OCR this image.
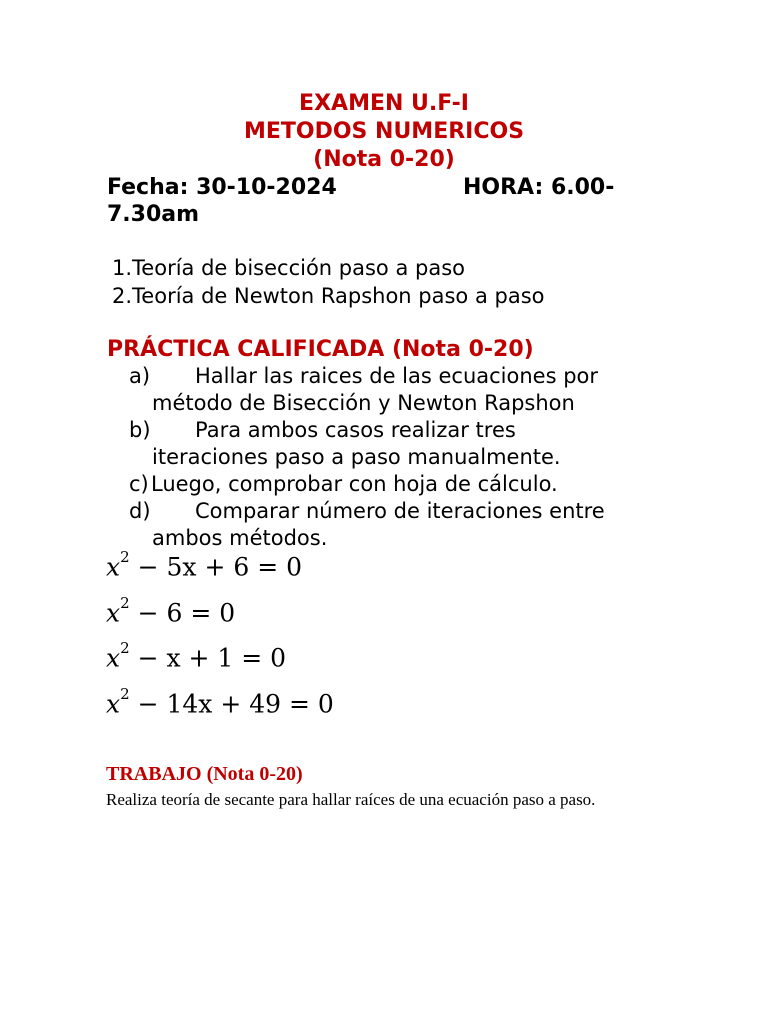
EXAMEN U.F-I
METODOS NUMERICOS
(Nota 0-20)
Fecha: 30-10-2024	HORA: 6.00-
7.30am
1.Teoría de bisección paso a paso
2.Teoría de Newton Rapshon paso a paso
PRÁCTICA CALIFICADA (Nota 0-20)
a) Hallar las raices de las ecuaciones por
método de Bisección y Newton Rapshon
b) Para ambos casos realizar tres
iteraciones paso a paso manualmente.
c) Luego, comprobar con hoja de cálculo.
d) Comparar número de iteraciones entre
ambos métodos.
$x^2 - 5x + 6 = 0$
$x^2 - 6 = 0$
$x^2 - x + 1 = 0$
$x^2 - 14x + 49 = 0$
TRABAJO (Nota 0-20)
Realiza teoría de secante para hallar raíces de una ecuación paso a paso.
